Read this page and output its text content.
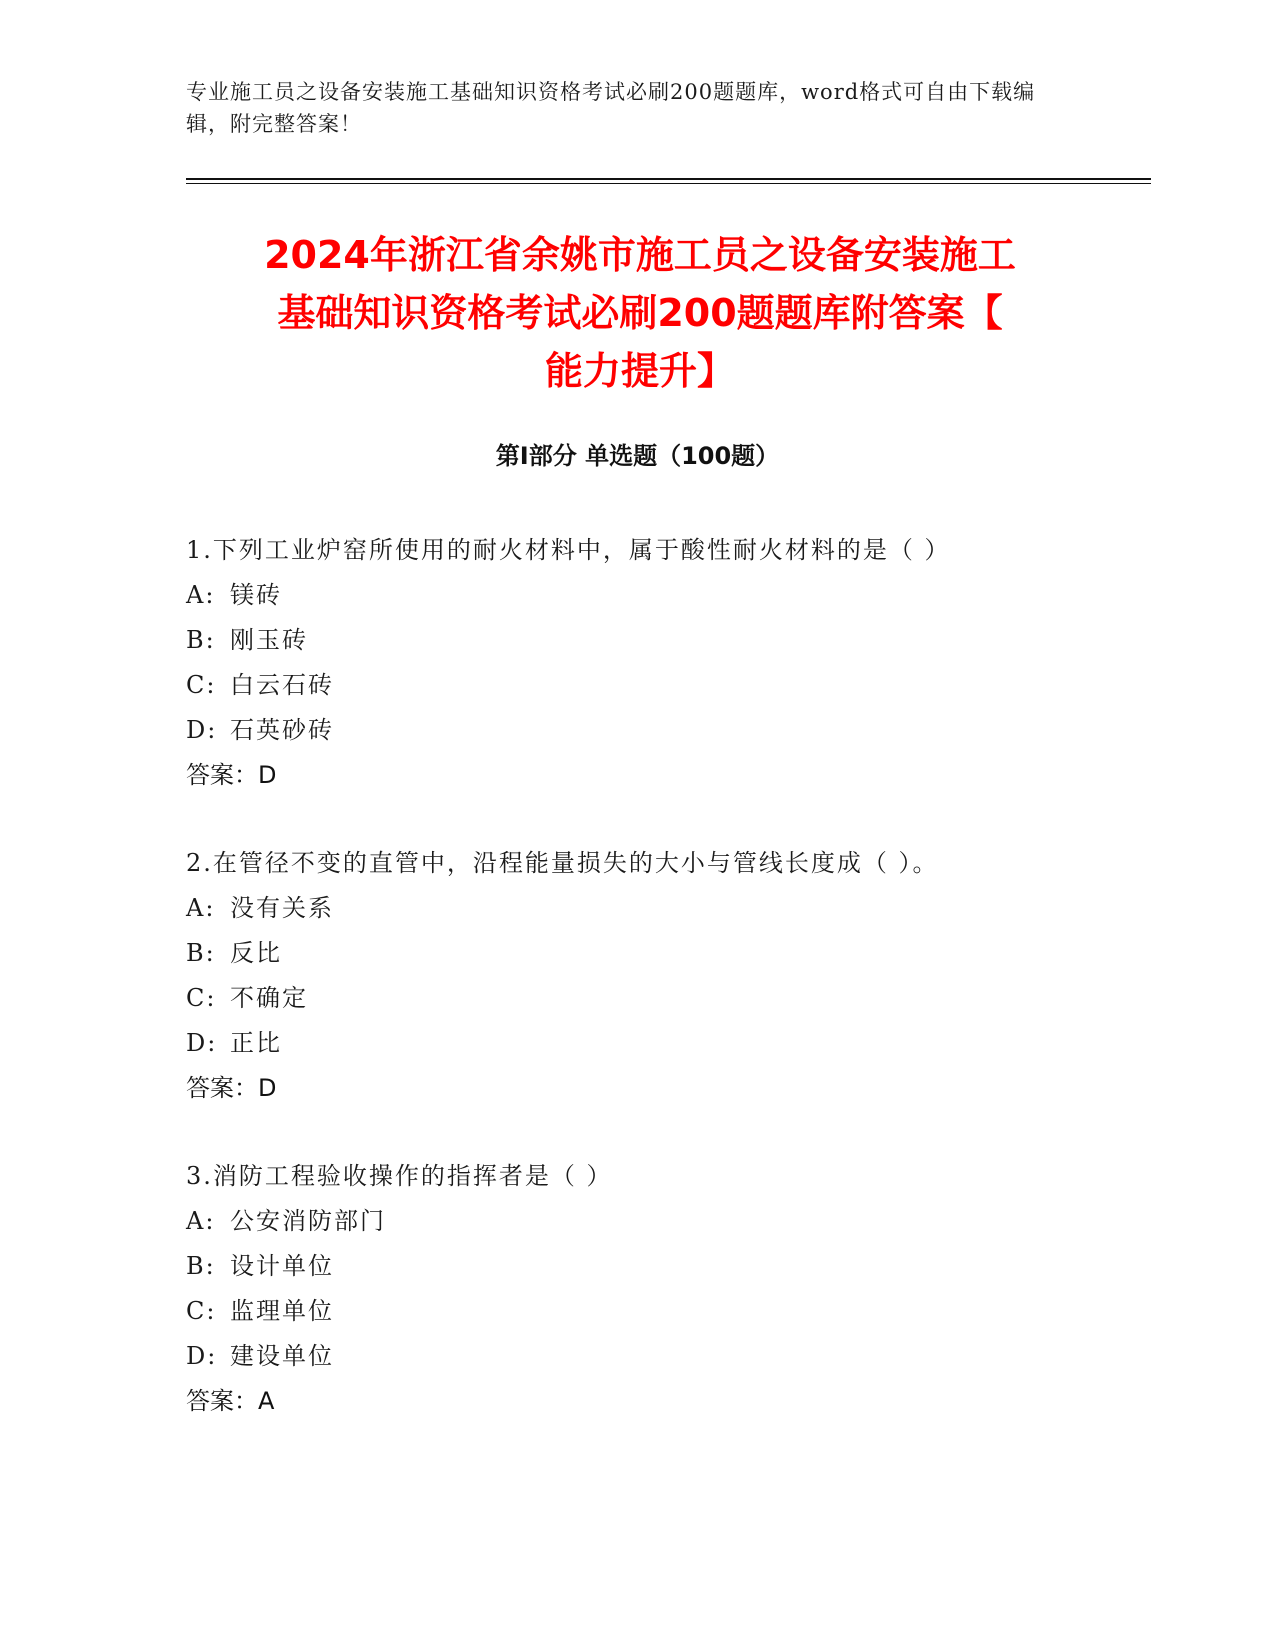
专业施工员之设备安装施工基础知识资格考试必刷200题题库，word格式可自由下载编辑，附完整答案！
2024年浙江省余姚市施工员之设备安装施工
基础知识资格考试必刷200题题库附答案【
能力提升】
第Ⅰ部分 单选题（100题）
1.下列工业炉窑所使用的耐火材料中，属于酸性耐火材料的是（ ）
A: 镁砖
B: 刚玉砖
C: 白云石砖
D: 石英砂砖
答案：D
2.在管径不变的直管中，沿程能量损失的大小与管线长度成（ ）。
A: 没有关系
B: 反比
C: 不确定
D: 正比
答案：D
3.消防工程验收操作的指挥者是（ ）
A: 公安消防部门
B: 设计单位
C: 监理单位
D: 建设单位
答案：A
